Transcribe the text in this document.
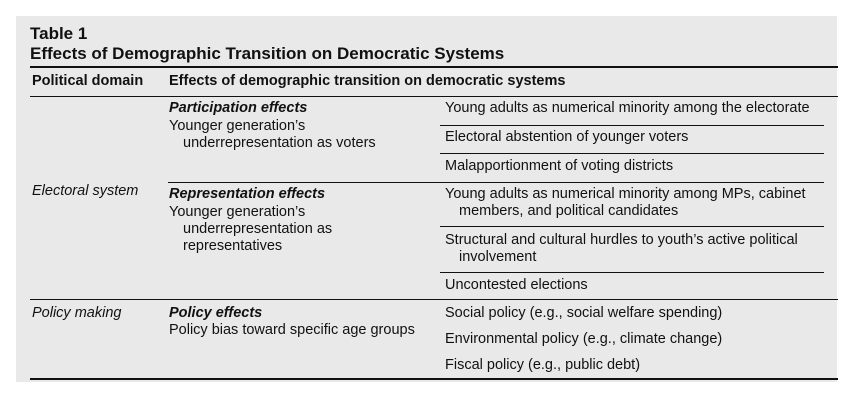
Table 1
Effects of Demographic Transition on Democratic Systems
Political domain Effects of demographic transition on democratic systems
Participation effects
Younger generation’s
underrepresentation as voters
Young adults as numerical minority among the electorate
Electoral abstention of younger voters
Malapportionment of voting districts
Electoral system Representation effects
Younger generation’s
underrepresentation as
representatives
Young adults as numerical minority among MPs, cabinet
members, and political candidates
Structural and cultural hurdles to youth’s active political
involvement
Uncontested elections
Policy making	Policy effects
Policy bias toward specific age groups
Social policy (e.g., social welfare spending)
Environmental policy (e.g., climate change)
Fiscal policy (e.g., public debt)
